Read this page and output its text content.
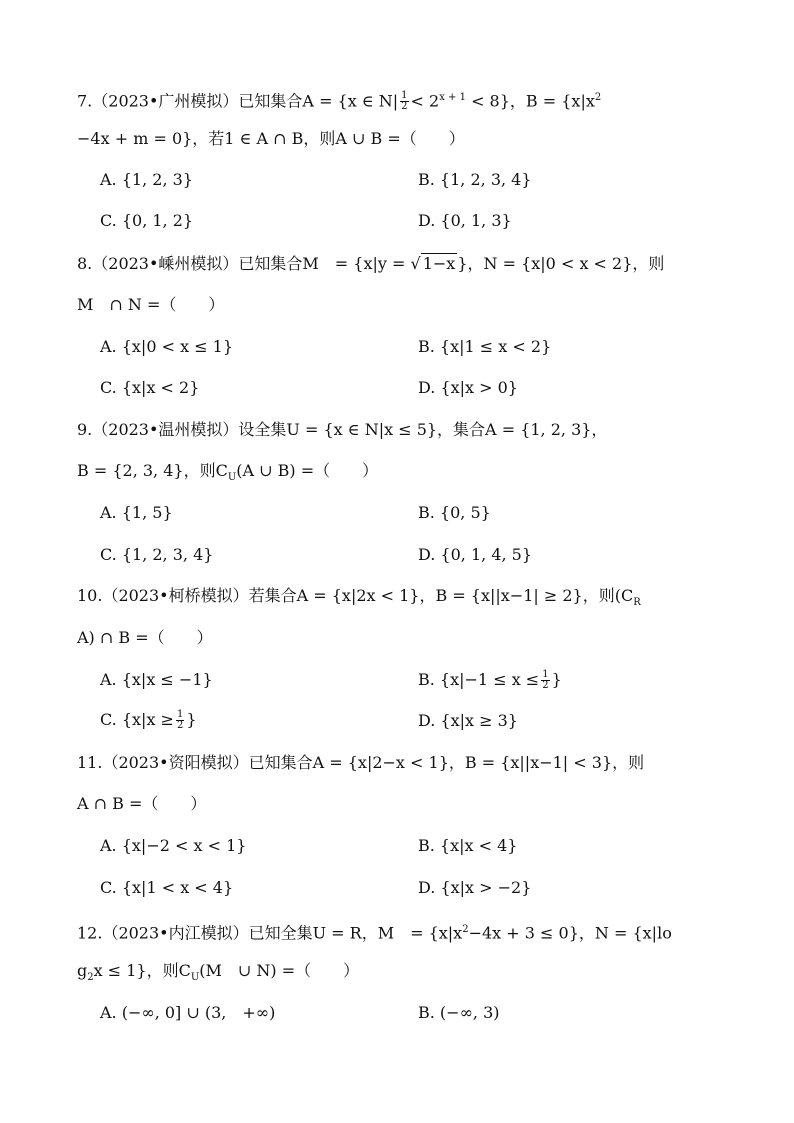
7.（2023•广州模拟）已知集合A = {x ∈ $N| \frac{1}{2} < 2^{x + 1} < 8$}，$B = \{x|x^2$
−4x + m = 0}，若1 ∈ A ∩ B，则A ∪ B =（　　）
A. {1, 2, 3}	B. {1, 2, 3, 4}
C. {0, 1, 2}	D. {0, 1, 3}
8.（2023•嵊州模拟）已知集合M　= {x|y = √ 1−x }，N = {x|0 < x < 2}，则
M　∩ N =（　　）
A. {x|0 < x ≤ 1}	B. {x|1 ≤ x < 2}
C. {x|x < 2}	D. {x|x > 0}
9.（2023•温州模拟）设全集U = {x ∈ N|x ≤ 5}，集合A = {1, 2, 3}，
B = {2, 3, 4}，则$C_U(A$ ∪ B) =（　　）
A. {1, 5}	B. {0, 5}
C. {1, 2, 3, 4}	D. {0, 1, 4, 5}
10.（2023•柯桥模拟）若集合A = {x|2x < 1}，B = {x||x−1| ≥ 2}，则($C_R$
A) ∩ B =（　　）
A. {x|x ≤ −1}	B. {$x|-1 \le x \le \frac{1}{2}$ }
C. {$x|x \ge \frac{1}{2}$ }	D. {x|x ≥ 3}
11.（2023•资阳模拟）已知集合A = {x|2−x < 1}，B = {x||x−1| < 3}，则
A ∩ B =（　　）
A. {x|−2 < x < 1}	B. {x|x < 4}
C. {x|1 < x < 4}	D. {x|x > −2}
12.（2023•内江模拟）已知全集U = R，M　= $\{x|x^2-4x + 3 \le 0\}$，N = {x|lo
$g_2x \le 1$}，则$C_U(M$　∪ N) =（　　）
A. (−∞, 0] ∪ (3,　+∞)	B. (−∞, 3)
